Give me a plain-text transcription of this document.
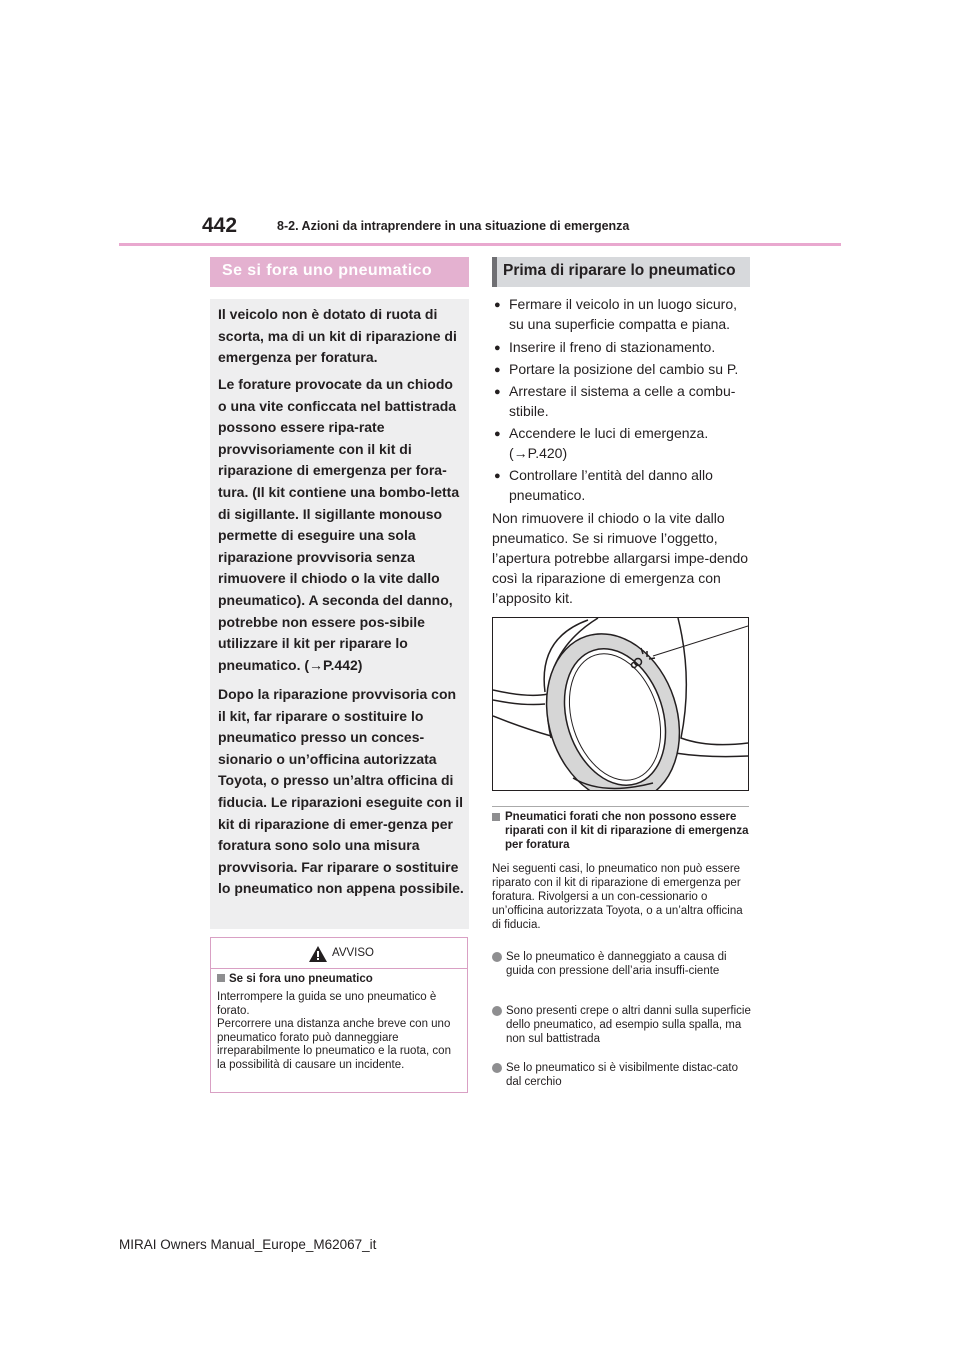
442	8-2. Azioni da intraprendere in una situazione di emergenza
Se si fora uno pneumatico

Il veicolo non è dotato di ruota di scorta, ma di un kit di riparazione di emergenza per foratura.

Le forature provocate da un chiodo o una vite conficcata nel battistrada possono essere ripa-rate provvisoriamente con il kit di riparazione di emergenza per fora-tura. (Il kit contiene una bombo-letta di sigillante. Il sigillante monouso permette di eseguire una sola riparazione provvisoria senza rimuovere il chiodo o la vite dallo pneumatico). A seconda del danno, potrebbe non essere pos-sibile utilizzare il kit per riparare lo pneumatico. (→P.442)

Dopo la riparazione provvisoria con il kit, far riparare o sostituire lo pneumatico presso un conces-sionario o un’officina autorizzata Toyota, o presso un’altra officina di fiducia. Le riparazioni eseguite con il kit di riparazione di emer-genza per foratura sono solo una misura provvisoria. Far riparare o sostituire lo pneumatico non appena possibile.

AVVISO
Se si fora uno pneumatico

Interrompere la guida se uno pneumatico è forato.
Percorrere una distanza anche breve con uno pneumatico forato può danneggiare irreparabilmente lo pneumatico e la ruota, con la possibilità di causare un incidente.

Prima di riparare lo pneumatico
● Fermare il veicolo in un luogo sicuro, su una superficie compatta e piana.
● Inserire il freno di stazionamento.
● Portare la posizione del cambio su P.
● Arrestare il sistema a celle a combu-stibile.
● Accendere le luci di emergenza. (→P.420)
● Controllare l’entità del danno allo pneumatico.

Non rimuovere il chiodo o la vite dallo pneumatico. Se si rimuove l’oggetto, l’apertura potrebbe allargarsi impe-dendo così la riparazione di emergenza con l’apposito kit.

Pneumatici forati che non possono essere riparati con il kit di riparazione di emergenza per foratura

Nei seguenti casi, lo pneumatico non può essere riparato con il kit di riparazione di emergenza per foratura. Rivolgersi a un con-cessionario o un’officina autorizzata Toyota, o a un’altra officina di fiducia.

Se lo pneumatico è danneggiato a causa di guida con pressione dell’aria insuffi-ciente
Sono presenti crepe o altri danni sulla superficie dello pneumatico, ad esempio sulla spalla, ma non sul battistrada
Se lo pneumatico si è visibilmente distac-cato dal cerchio
MIRAI Owners Manual_Europe_M62067_it
